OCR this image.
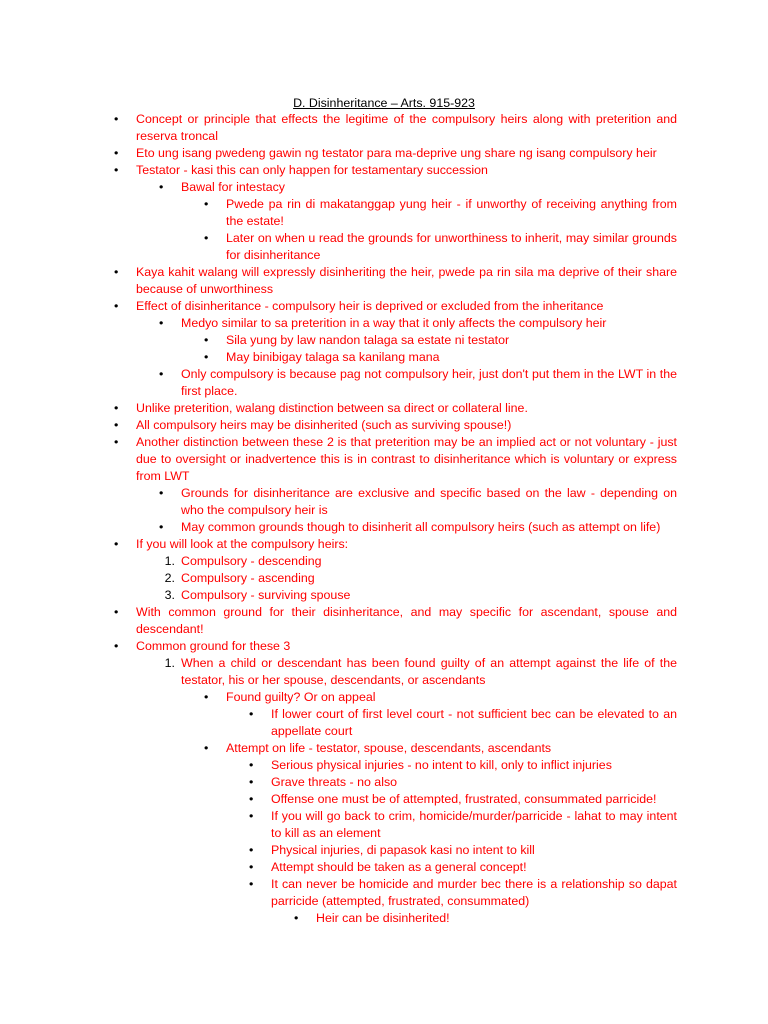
D. Disinheritance – Arts. 915-923
• Concept or principle that effects the legitime of the compulsory heirs along with preterition and reserva troncal
• Eto ung isang pwedeng gawin ng testator para ma-deprive ung share ng isang compulsory heir
• Testator - kasi this can only happen for testamentary succession
• Bawal for intestacy
• Pwede pa rin di makatanggap yung heir - if unworthy of receiving anything from the estate!
• Later on when u read the grounds for unworthiness to inherit, may similar grounds for disinheritance
• Kaya kahit walang will expressly disinheriting the heir, pwede pa rin sila ma deprive of their share because of unworthiness
• Effect of disinheritance - compulsory heir is deprived or excluded from the inheritance
• Medyo similar to sa preterition in a way that it only affects the compulsory heir
• Sila yung by law nandon talaga sa estate ni testator
• May binibigay talaga sa kanilang mana
• Only compulsory is because pag not compulsory heir, just don't put them in the LWT in the first place.
• Unlike preterition, walang distinction between sa direct or collateral line.
• All compulsory heirs may be disinherited (such as surviving spouse!)
• Another distinction between these 2 is that preterition may be an implied act or not voluntary - just due to oversight or inadvertence this is in contrast to disinheritance which is voluntary or express from LWT
• Grounds for disinheritance are exclusive and specific based on the law - depending on who the compulsory heir is
• May common grounds though to disinherit all compulsory heirs (such as attempt on life)
• If you will look at the compulsory heirs:
1. Compulsory - descending
2. Compulsory - ascending
3. Compulsory - surviving spouse
• With common ground for their disinheritance, and may specific for ascendant, spouse and descendant!
• Common ground for these 3
1. When a child or descendant has been found guilty of an attempt against the life of the testator, his or her spouse, descendants, or ascendants
• Found guilty? Or on appeal
• If lower court of first level court - not sufficient bec can be elevated to an appellate court
• Attempt on life - testator, spouse, descendants, ascendants
• Serious physical injuries - no intent to kill, only to inflict injuries
• Grave threats - no also
• Offense one must be of attempted, frustrated, consummated parricide!
• If you will go back to crim, homicide/murder/parricide - lahat to may intent to kill as an element
• Physical injuries, di papasok kasi no intent to kill
• Attempt should be taken as a general concept!
• It can never be homicide and murder bec there is a relationship so dapat parricide (attempted, frustrated, consummated)
• Heir can be disinherited!
